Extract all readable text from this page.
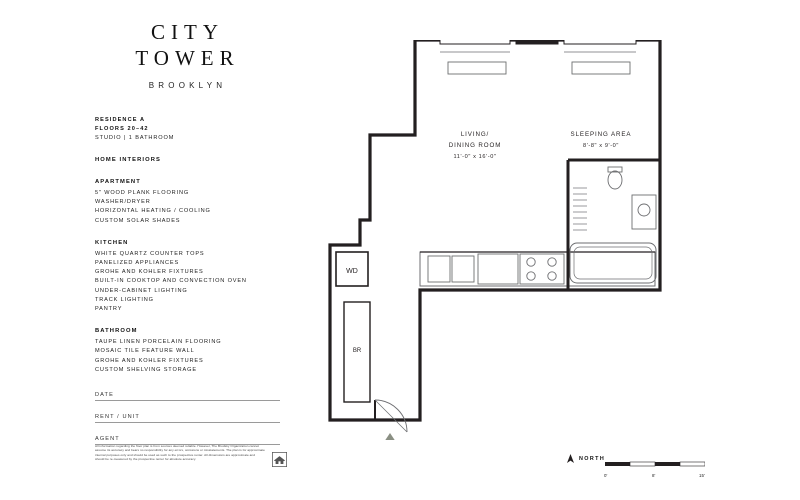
CITY
TOWER
BROOKLYN
RESIDENCE A
FLOORS 20–42
STUDIO | 1 BATHROOM
HOME INTERIORS
APARTMENT
5" WOOD PLANK FLOORING
WASHER/DRYER
HORIZONTAL HEATING / COOLING
CUSTOM SOLAR SHADES
KITCHEN
WHITE QUARTZ COUNTER TOPS
PANELIZED APPLIANCES
GROHE AND KOHLER FIXTURES
BUILT-IN COOKTOP AND CONVECTION OVEN
UNDER-CABINET LIGHTING
TRACK LIGHTING
PANTRY
BATHROOM
TAUPE LINEN PORCELAIN FLOORING
MOSAIC TILE FEATURE WALL
GROHE AND KOHLER FIXTURES
CUSTOM SHELVING STORAGE
DATE
RENT / UNIT
AGENT
All information regarding the floor plan is from sources deemed reliable. However, The Brodsky Organization cannot assume its accuracy and bears no responsibility for any errors, omissions or misstatements. The plan is for approximate internal purposes only and should be used as such to the prospective renter. All dimensions are approximate and should be re-measured by the prospective renter for absolute accuracy.
WD
BR
LIVING/
DINING ROOM
11'-0" x 16'-0"
SLEEPING AREA
8'-8" x 9'-0"
NORTH
0'	8'	15'
